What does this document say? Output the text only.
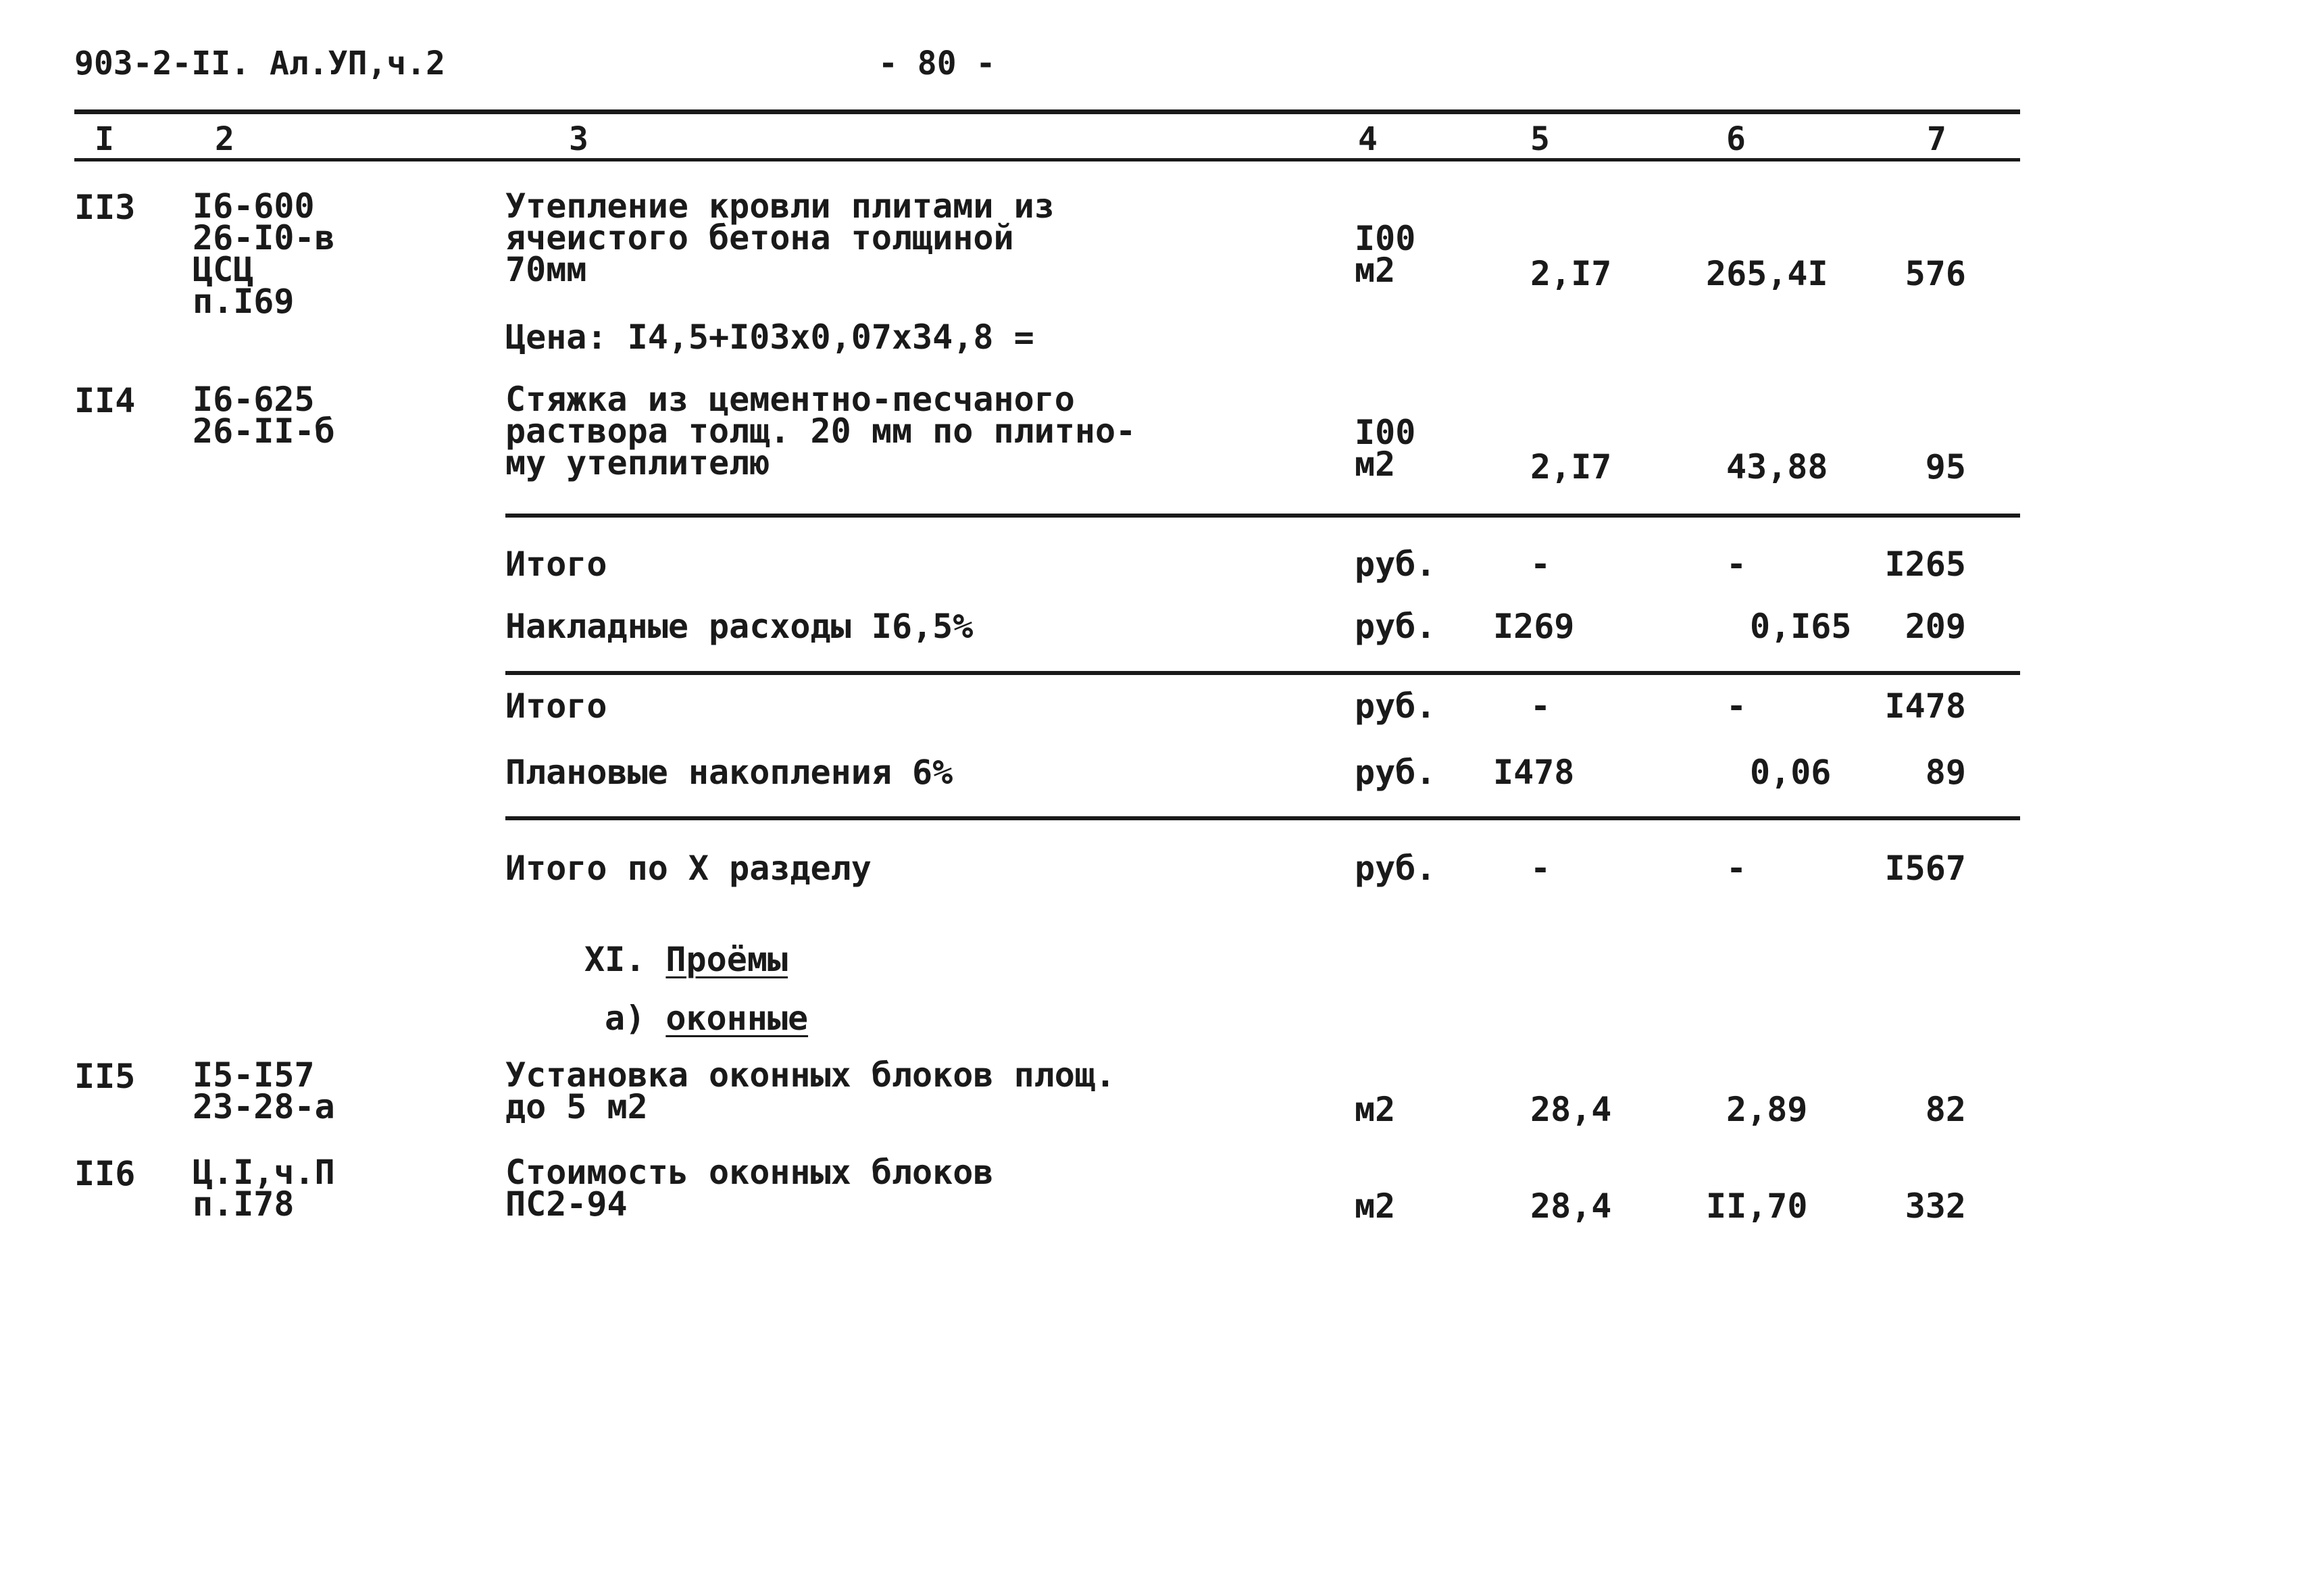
903-2-II. Ал.УП,ч.2	- 80 -
I	2	3	4	5	6	7
II3 I6-600
26-I0-в
ЦСЦ
п.I69
Утепление кровли плитами из
ячеистого бетона толщиной
70мм
I00
м2	2,I7	265,4I	576
Цена: I4,5+I03х0,07х34,8 =
II4 I6-625
26-II-б
Стяжка из цементно-песчаного
раствора толщ. 20 мм по плитно-
му утеплителю
I00
м2	2,I7	43,88	95
Итого	руб.	-	-	I265
Накладные расходы I6,5%	руб. I269	0,I65	209
Итого	руб.	-	-	I478
Плановые накопления 6%	руб. I478	0,06	89
Итого по X разделу	руб.	-	-	I567
XI. Проёмы
а) оконные
II5 I5-I57
23-28-а
Установка оконных блоков площ.
до 5 м2	м2	28,4	2,89	82
II6 Ц.I,ч.П
п.I78
Стоимость оконных блоков
ПС2-94	м2	28,4	II,70	332
